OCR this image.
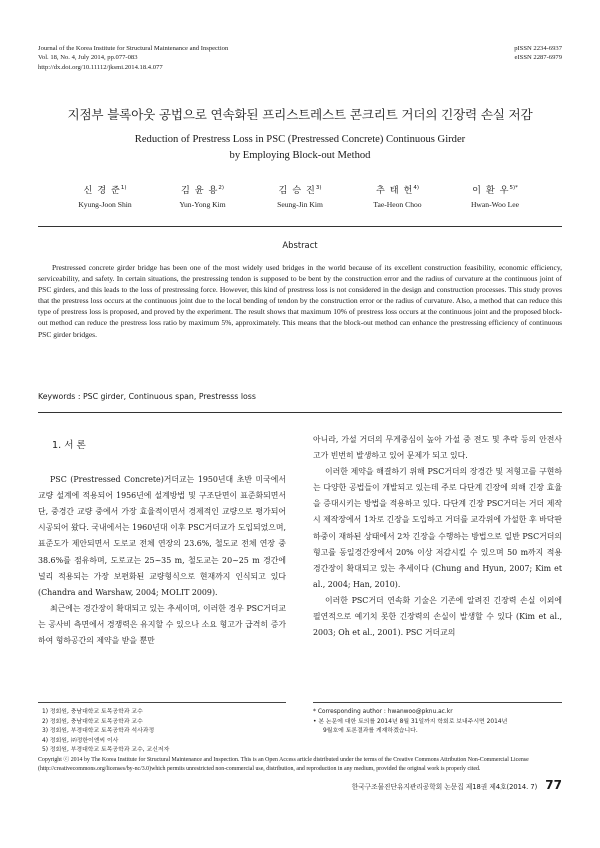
Journal of the Korea Institute for Structural Maintenance and Inspection
Vol. 18, No. 4, July 2014, pp.077-083
http://dx.doi.org/10.11112/jksmi.2014.18.4.077
pISSN 2234-6937
eISSN 2287-6979
지점부 블록아웃 공법으로 연속화된 프리스트레스트 콘크리트 거더의 긴장력 손실 저감
Reduction of Prestress Loss in PSC (Prestressed Concrete) Continuous Girder
by Employing Block-out Method
신 경 준$^{1)}$
Kyung-Joon Shin
김 윤 용$^{2)}$
Yun-Yong Kim
김 승 진$^{3)}$
Seung-Jin Kim
추 태 헌$^{4)}$
Tae-Heon Choo
이 환 우$^{5)*}$
Hwan-Woo Lee
Abstract
Prestressed concrete girder bridge has been one of the most widely used bridges in the world because of its excellent construction feasibility, economic efficiency, serviceability, and safety. In certain situations, the prestressing tendon is supposed to be bent by the construction error and the radius of curvature at the continuous joint of PSC girders, and this leads to the loss of prestressing force. However, this kind of prestress loss is not considered in the design and construction processes. This study proves that the prestress loss occurs at the continuous joint due to the local bending of tendon by the construction error or the radius of curvature. Also, a method that can reduce this type of prestress loss is proposed, and proved by the experiment. The result shows that maximum 10% of prestress loss occurs at the continuous joint and the proposed block-out method can reduce the prestress loss ratio by maximum 5%, approximately. This means that the block-out method can enhance the prestressing efficiency of continuous PSC girder bridges.
Keywords : PSC girder, Continuous span, Prestresss loss
1. 서 론

PSC (Prestressed Concrete)거더교는 1950년대 초반 미국에서 교량 설계에 적용되어 1956년에 설계방법 및 구조단면이 표준화되면서 단, 중경간 교량 중에서 가장 효율적이면서 경제적인 교량으로 평가되어 시공되어 왔다. 국내에서는 1960년대 이후 PSC거더교가 도입되었으며, 표준도가 제안되면서 도로교 전체 연장의 23.6%, 철도교 전체 연장 중 38.6%를 점유하며, 도로교는 25~35 m, 철도교는 20~25 m 경간에 널리 적용되는 가장 보편화된 교량형식으로 현재까지 인식되고 있다 (Chandra and Warshaw, 2004; MOLIT 2009).

최근에는 경간장이 확대되고 있는 추세이며, 이러한 경우 PSC거더교는 공사비 측면에서 경쟁력은 유지할 수 있으나 소요 형고가 급격히 증가하여 형하공간의 제약을 받을 뿐만

아니라, 가설 거더의 무게중심이 높아 가설 중 전도 및 추락 등의 안전사고가 빈번히 발생하고 있어 문제가 되고 있다.

이러한 제약을 해결하기 위해 PSC거더의 장경간 및 저형고를 구현하는 다양한 공법들이 개발되고 있는데 주로 다단계 긴장에 의해 긴장 효율을 증대시키는 방법을 적용하고 있다. 다단계 긴장 PSC거더는 거더 제작시 제작장에서 1차로 긴장을 도입하고 거더를 교각위에 가설한 후 바닥판 하중이 재하된 상태에서 2차 긴장을 수행하는 방법으로 일반 PSC거더의 형고를 동일경간장에서 20% 이상 저감시킬 수 있으며 50 m까지 적용 경간장이 확대되고 있는 추세이다 (Chung and Hyun, 2007; Kim et al., 2004; Han, 2010).

이러한 PSC거더 연속화 기술은 기존에 알려진 긴장력 손실 이외에 필연적으로 예기치 못한 긴장력의 손실이 발생할 수 있다 (Kim et al., 2003; Oh et al., 2001). PSC 거더교의

1) 정회원, 충남대학교 토목공학과 교수
2) 정회원, 충남대학교 토목공학과 교수
3) 정회원, 부경대학교 토목공학과 석사과정
4) 정회원, ㈜정한이엔씨 이사
5) 정회원, 부경대학교 토목공학과 교수, 교신저자
* Corresponding author : hwanwoo@pknu.ac.kr
• 본 논문에 대한 토의를 2014년 8월 31일까지 학회로 보내주시면 2014년
9월호에 토론결과를 게재하겠습니다.
Copyright ⓒ 2014 by The Korea Institute for Structural Maintenance and Inspection. This is an Open Access article distributed under the terms of the Creative Commons Attribution Non-Commercial License (http://creativecommons.org/licenses/by-nc/3.0)which permits unrestricted non-commercial use, distribution, and reproduction in any medium, provided the original work is properly cited.
한국구조물진단유지관리공학회 논문집 제18권 제4호(2014. 7) 77
